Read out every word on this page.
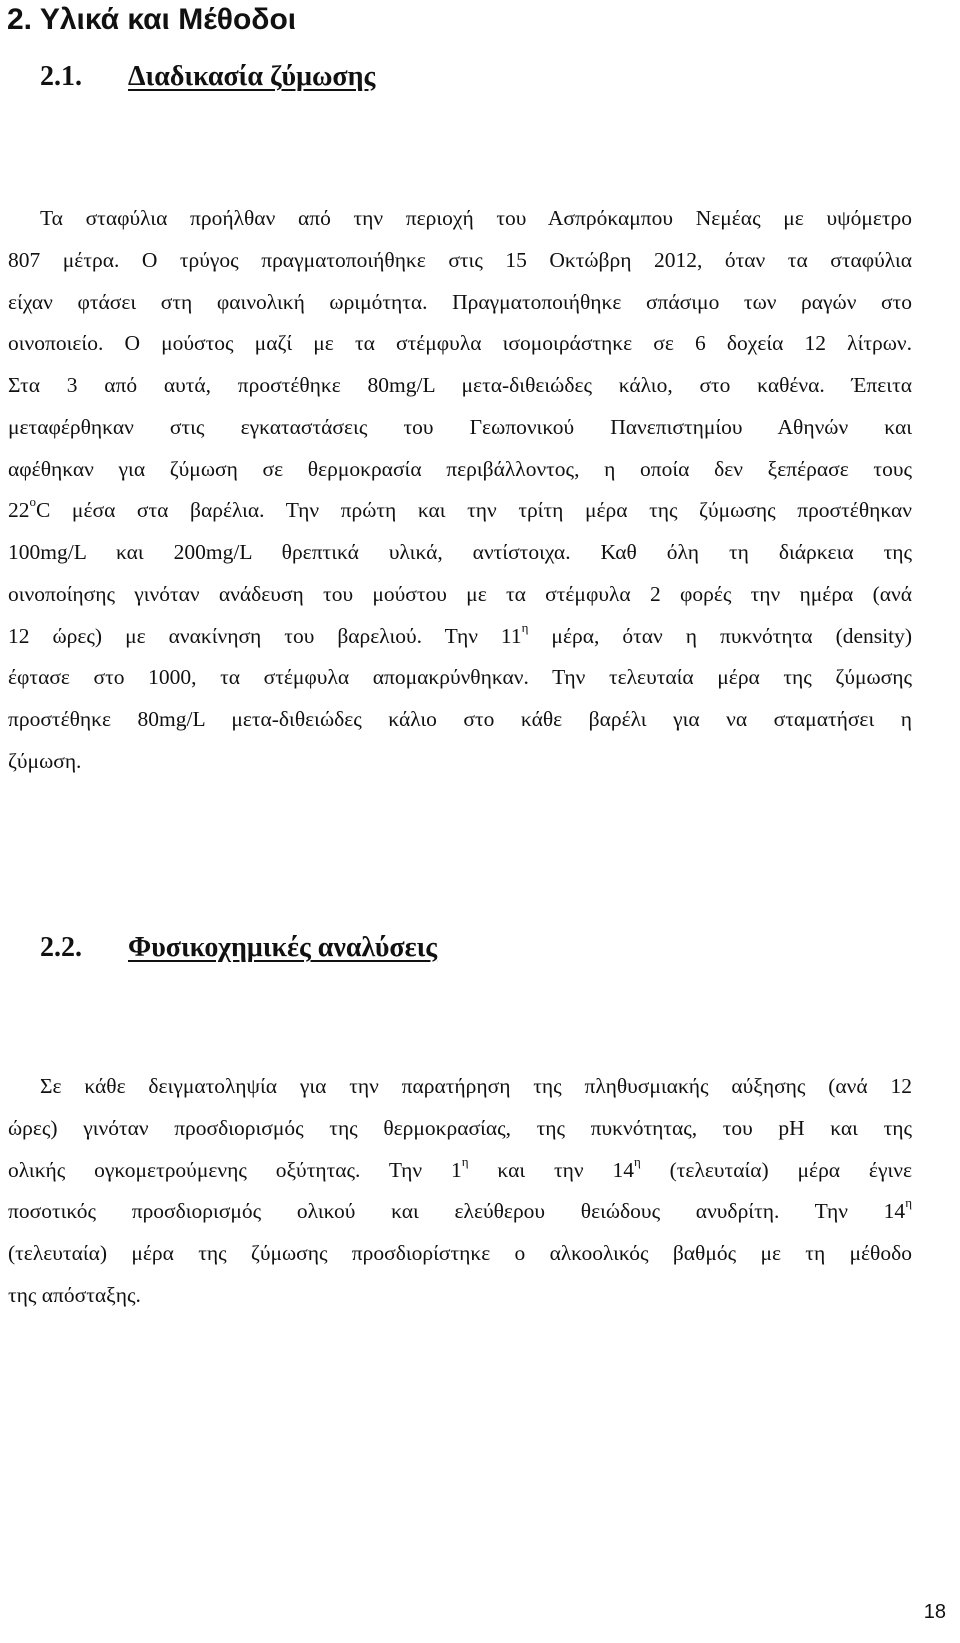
2. Υλικά και Μέθοδοι
2.1. Διαδικασία ζύμωσης
Τα σταφύλια προήλθαν από την περιοχή του Ασπρόκαμπου Νεμέας με υψόμετρο
807 μέτρα. Ο τρύγος πραγματοποιήθηκε στις 15 Οκτώβρη 2012, όταν τα σταφύλια
είχαν φτάσει στη φαινολική ωριμότητα. Πραγματοποιήθηκε σπάσιμο των ραγών στο
οινοποιείο. Ο μούστος μαζί με τα στέμφυλα ισομοιράστηκε σε 6 δοχεία 12 λίτρων.
Στα 3 από αυτά, προστέθηκε 80mg/L μετα-διθειώδες κάλιο, στο καθένα. Έπειτα
μεταφέρθηκαν στις εγκαταστάσεις του Γεωπονικού Πανεπιστημίου Αθηνών και
αφέθηκαν για ζύμωση σε θερμοκρασία περιβάλλοντος, η οποία δεν ξεπέρασε τους
22$^o$C μέσα στα βαρέλια. Την πρώτη και την τρίτη μέρα της ζύμωσης προστέθηκαν
100mg/L και 200mg/L θρεπτικά υλικά, αντίστοιχα. Καθ όλη τη διάρκεια της
οινοποίησης γινόταν ανάδευση του μούστου με τα στέμφυλα 2 φορές την ημέρα (ανά
12 ώρες) με ανακίνηση του βαρελιού. Την $11^\eta$ μέρα, όταν η πυκνότητα (density)
έφτασε στο 1000, τα στέμφυλα απομακρύνθηκαν. Την τελευταία μέρα της ζύμωσης
προστέθηκε 80mg/L μετα-διθειώδες κάλιο στο κάθε βαρέλι για να σταματήσει η
ζύμωση.
2.2. Φυσικοχημικές αναλύσεις
Σε κάθε δειγματοληψία για την παρατήρηση της πληθυσμιακής αύξησης (ανά 12
ώρες) γινόταν προσδιορισμός της θερμοκρασίας, της πυκνότητας, του pH και της
ολικής ογκομετρούμενης οξύτητας. Την $1^\eta$ και την $14^\eta$ (τελευταία) μέρα έγινε
ποσοτικός προσδιορισμός ολικού και ελεύθερου θειώδους ανυδρίτη. Την $14^\eta$
(τελευταία) μέρα της ζύμωσης προσδιορίστηκε ο αλκοολικός βαθμός με τη μέθοδο
της απόσταξης.
18
